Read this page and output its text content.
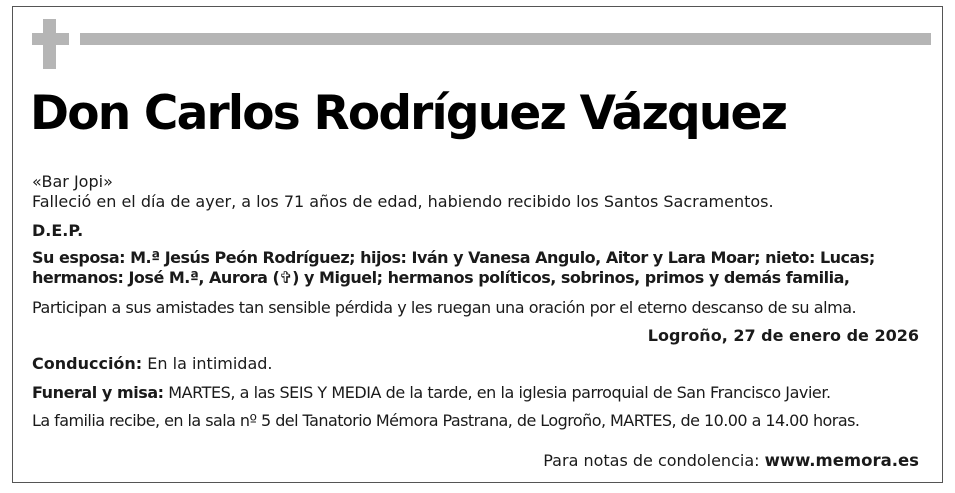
Don Carlos Rodríguez Vázquez
«Bar Jopi»
Falleció en el día de ayer, a los 71 años de edad, habiendo recibido los Santos Sacramentos.
D.E.P.
Su esposa: M.ª Jesús Peón Rodríguez; hijos: Iván y Vanesa Angulo, Aitor y Lara Moar; nieto: Lucas;
hermanos: José M.ª, Aurora (✞) y Miguel; hermanos políticos, sobrinos, primos y demás familia,
Participan a sus amistades tan sensible pérdida y les ruegan una oración por el eterno descanso de su alma.
Logroño, 27 de enero de 2026
Conducción: En la intimidad.
Funeral y misa: MARTES, a las SEIS Y MEDIA de la tarde, en la iglesia parroquial de San Francisco Javier.
La familia recibe, en la sala nº 5 del Tanatorio Mémora Pastrana, de Logroño, MARTES, de 10.00 a 14.00 horas.
Para notas de condolencia: www.memora.es
